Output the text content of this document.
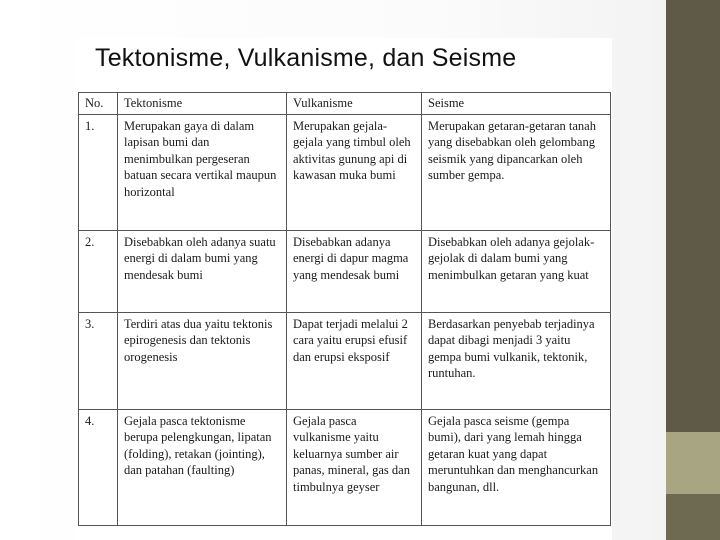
Tektonisme, Vulkanisme, dan Seisme
No.	Tektonisme	Vulkanisme	Seisme
1.	Merupakan gaya di dalam lapisan bumi dan menimbulkan pergeseran batuan secara vertikal maupun horizontal	Merupakan gejala-gejala yang timbul oleh aktivitas gunung api di kawasan muka bumi	Merupakan getaran-getaran tanah yang disebabkan oleh gelombang seismik yang dipancarkan oleh sumber gempa.
2.	Disebabkan oleh adanya suatu energi di dalam bumi yang mendesak bumi	Disebabkan adanya energi di dapur magma yang mendesak bumi	Disebabkan oleh adanya gejolak-gejolak di dalam bumi yang menimbulkan getaran yang kuat
3.	Terdiri atas dua yaitu tektonis epirogenesis dan tektonis orogenesis	Dapat terjadi melalui 2 cara yaitu erupsi efusif dan erupsi eksposif	Berdasarkan penyebab terjadinya dapat dibagi menjadi 3 yaitu gempa bumi vulkanik, tektonik, runtuhan.
4.	Gejala pasca tektonisme berupa pelengkungan, lipatan (folding), retakan (jointing), dan patahan (faulting)	Gejala pasca vulkanisme yaitu keluarnya sumber air panas, mineral, gas dan timbulnya geyser	Gejala pasca seisme (gempa bumi), dari yang lemah hingga getaran kuat yang dapat meruntuhkan dan menghancurkan bangunan, dll.
